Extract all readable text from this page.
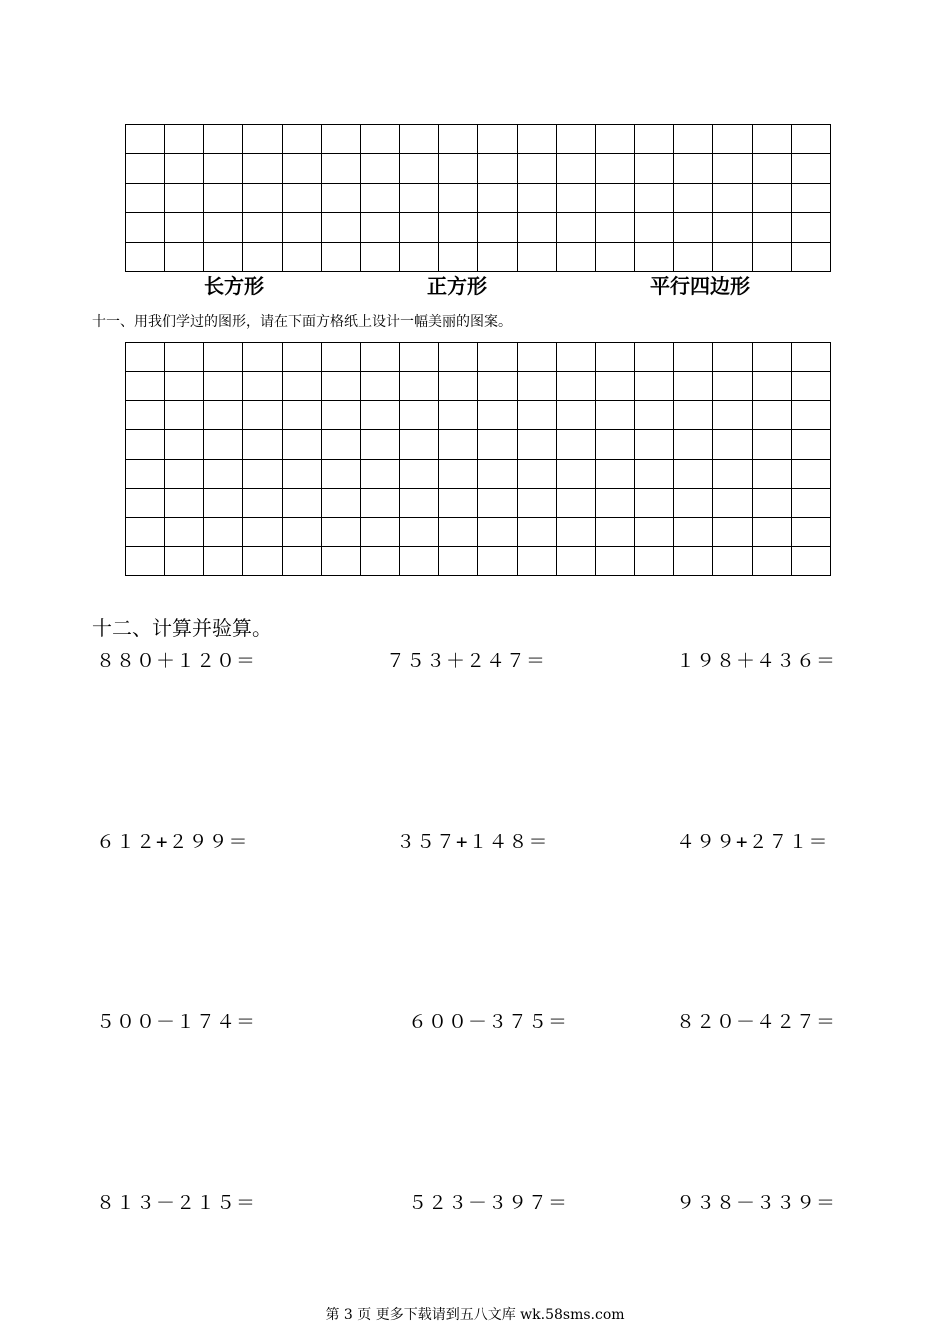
长方形	正方形	平行四边形
十一、用我们学过的图形，请在下面方格纸上设计一幅美丽的图案。

十二、计算并验算。
８８０＋１２０＝	７５３＋２４７＝	１９８＋４３６＝
６１２+２９９＝	３５７+１４８＝	４９９+２７１＝
５００－１７４＝	６００－３７５＝	８２０－４２７＝
８１３－２１５＝	５２３－３９７＝	９３８－３３９＝
第 3 页 更多下载请到五八文库 wk.58sms.com
